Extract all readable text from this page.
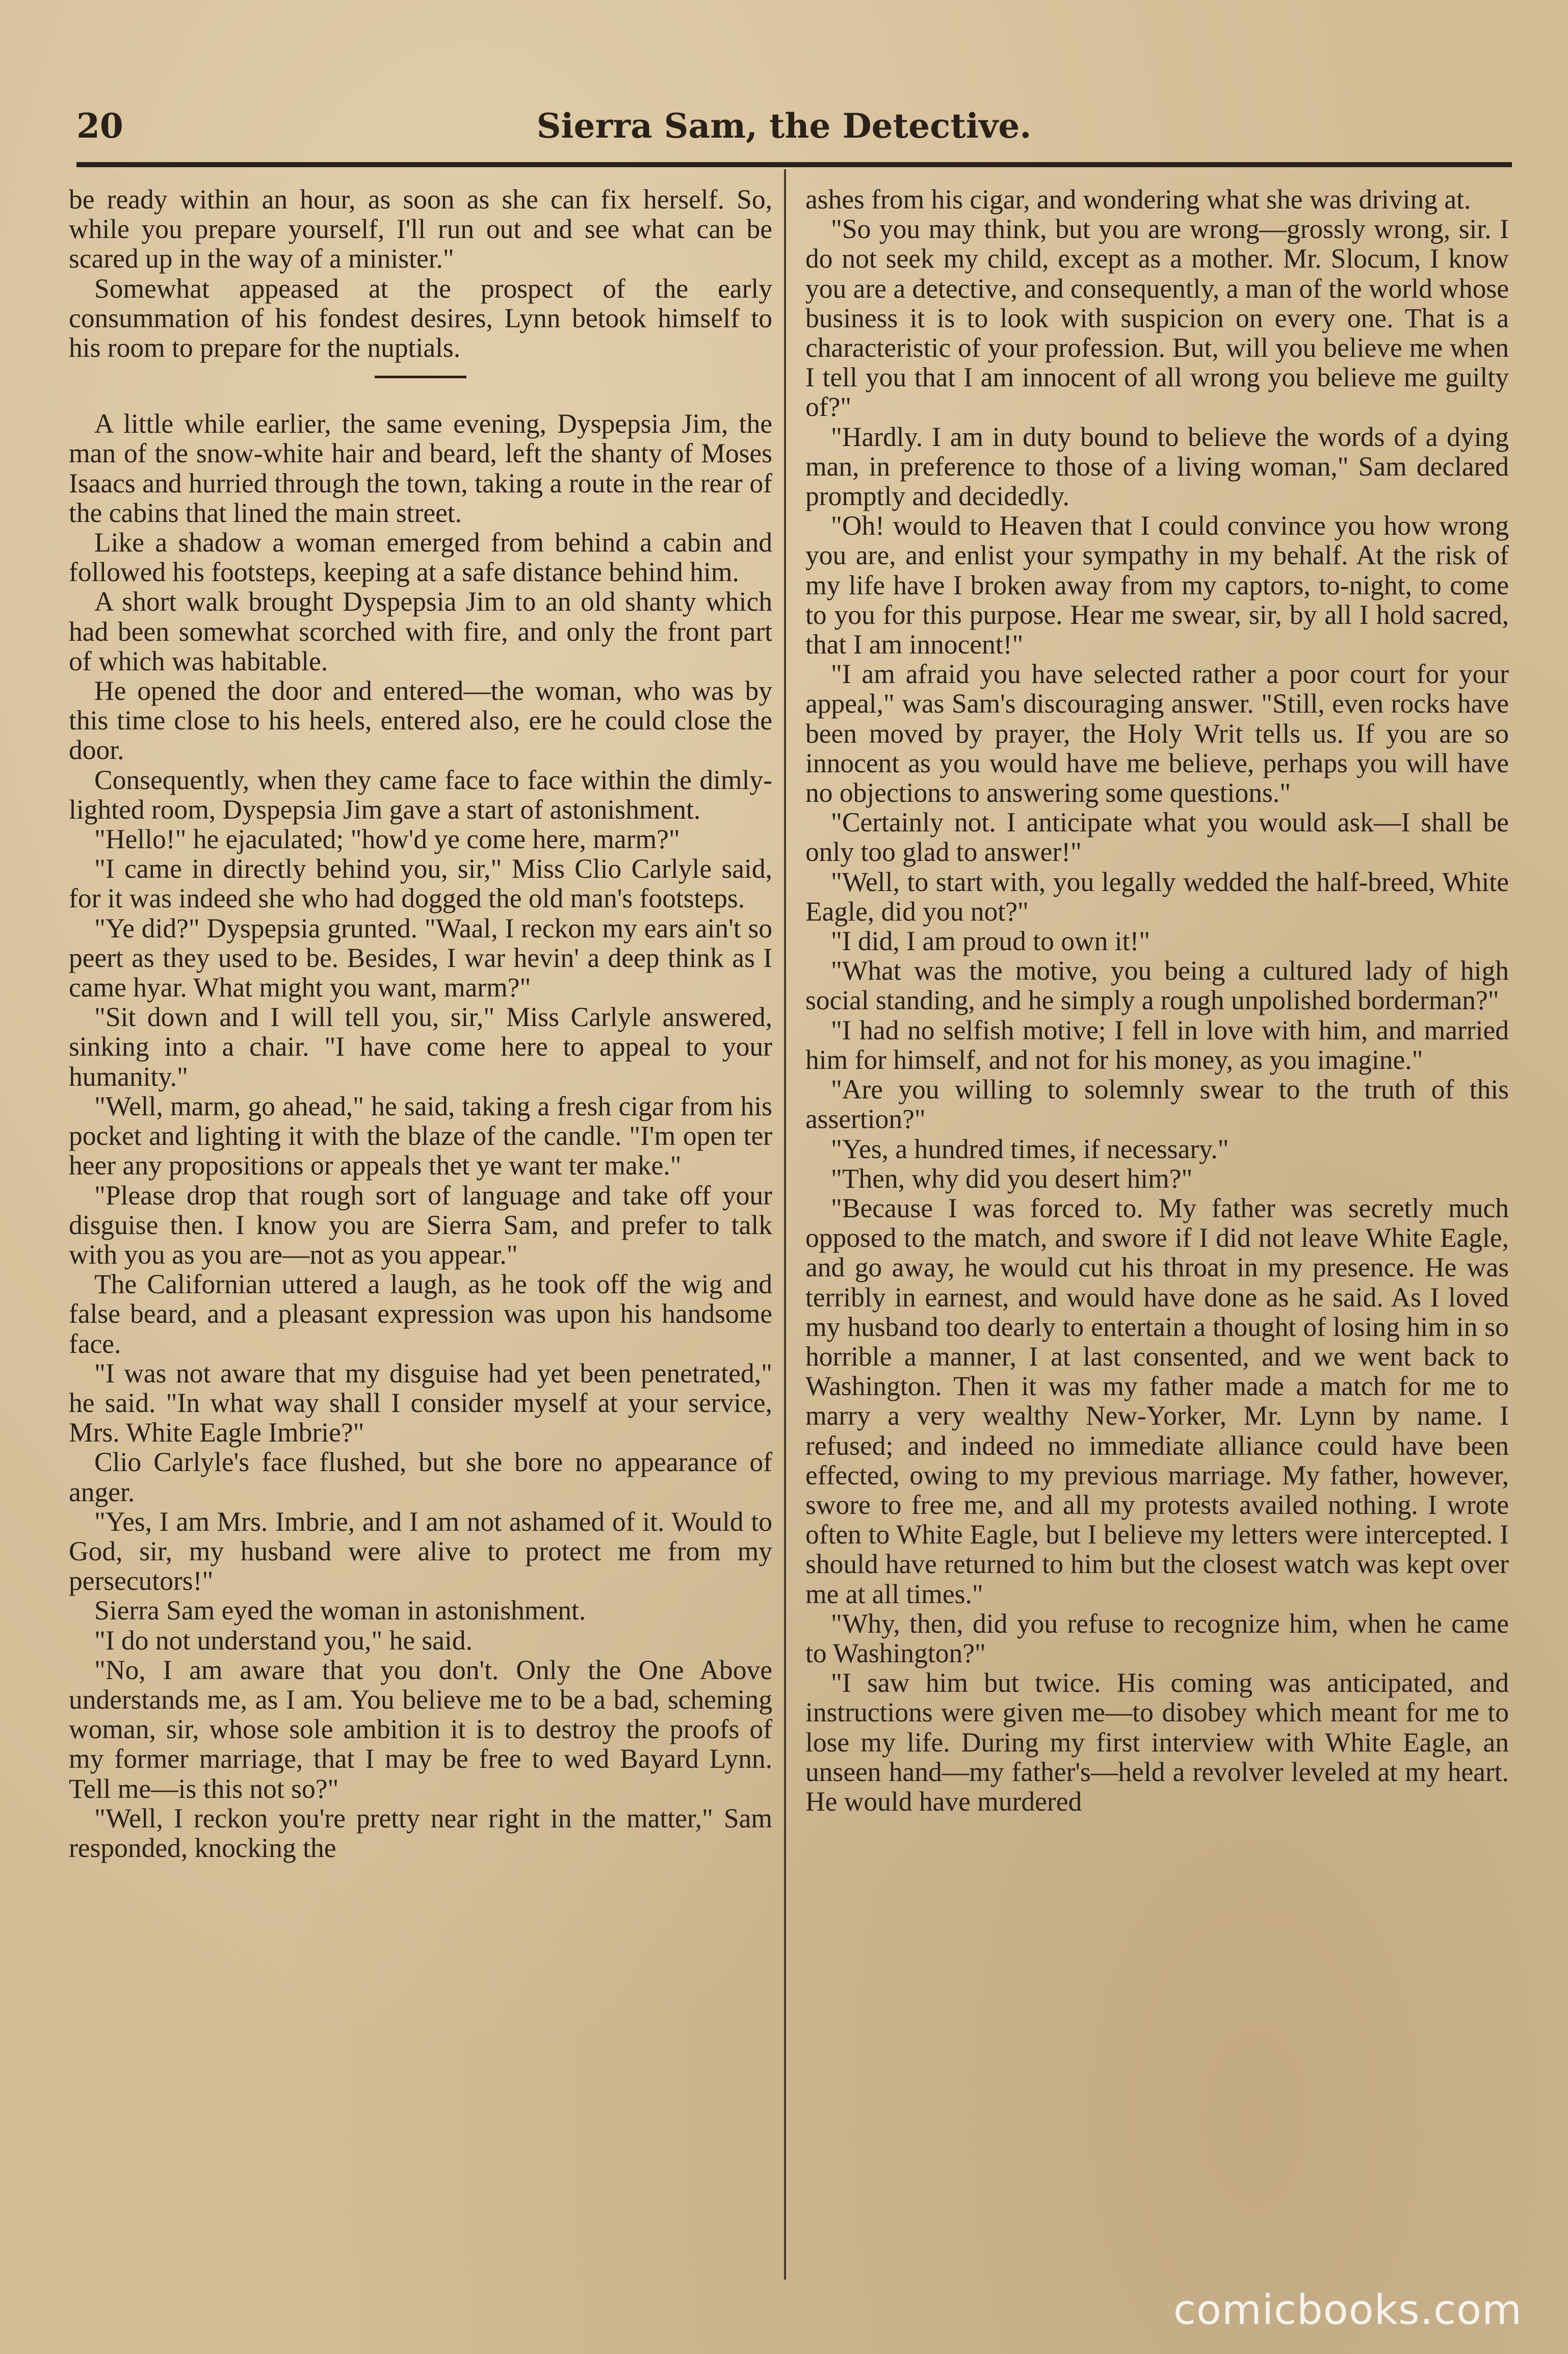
20	Sierra Sam, the Detective.

be ready within an hour, as soon as she can fix herself. So, while you prepare yourself, I'll run out and see what can be scared up in the way of a minister."

Somewhat appeased at the prospect of the early consummation of his fondest desires, Lynn betook himself to his room to prepare for the nuptials.

A little while earlier, the same evening, Dyspepsia Jim, the man of the snow-white hair and beard, left the shanty of Moses Isaacs and hurried through the town, taking a route in the rear of the cabins that lined the main street.

Like a shadow a woman emerged from behind a cabin and followed his footsteps, keeping at a safe distance behind him.

A short walk brought Dyspepsia Jim to an old shanty which had been somewhat scorched with fire, and only the front part of which was habitable.

He opened the door and entered—the woman, who was by this time close to his heels, entered also, ere he could close the door.

Consequently, when they came face to face within the dimly-lighted room, Dyspepsia Jim gave a start of astonishment.

"Hello!" he ejaculated; "how'd ye come here, marm?"

"I came in directly behind you, sir," Miss Clio Carlyle said, for it was indeed she who had dogged the old man's footsteps.

"Ye did?" Dyspepsia grunted. "Waal, I reckon my ears ain't so peert as they used to be. Besides, I war hevin' a deep think as I came hyar. What might you want, marm?"

"Sit down and I will tell you, sir," Miss Carlyle answered, sinking into a chair. "I have come here to appeal to your humanity."

"Well, marm, go ahead," he said, taking a fresh cigar from his pocket and lighting it with the blaze of the candle. "I'm open ter heer any propositions or appeals thet ye want ter make."

"Please drop that rough sort of language and take off your disguise then. I know you are Sierra Sam, and prefer to talk with you as you are—not as you appear."

The Californian uttered a laugh, as he took off the wig and false beard, and a pleasant expression was upon his handsome face.

"I was not aware that my disguise had yet been penetrated," he said. "In what way shall I consider myself at your service, Mrs. White Eagle Imbrie?"

Clio Carlyle's face flushed, but she bore no appearance of anger.

"Yes, I am Mrs. Imbrie, and I am not ashamed of it. Would to God, sir, my husband were alive to protect me from my persecutors!"

Sierra Sam eyed the woman in astonishment.

"I do not understand you," he said.

"No, I am aware that you don't. Only the One Above understands me, as I am. You believe me to be a bad, scheming woman, sir, whose sole ambition it is to destroy the proofs of my former marriage, that I may be free to wed Bayard Lynn. Tell me—is this not so?"

"Well, I reckon you're pretty near right in the matter," Sam responded, knocking the

ashes from his cigar, and wondering what she was driving at.

"So you may think, but you are wrong—grossly wrong, sir. I do not seek my child, except as a mother. Mr. Slocum, I know you are a detective, and consequently, a man of the world whose business it is to look with suspicion on every one. That is a characteristic of your profession. But, will you believe me when I tell you that I am innocent of all wrong you believe me guilty of?"

"Hardly. I am in duty bound to believe the words of a dying man, in preference to those of a living woman," Sam declared promptly and decidedly.

"Oh! would to Heaven that I could convince you how wrong you are, and enlist your sympathy in my behalf. At the risk of my life have I broken away from my captors, to-night, to come to you for this purpose. Hear me swear, sir, by all I hold sacred, that I am innocent!"

"I am afraid you have selected rather a poor court for your appeal," was Sam's discouraging answer. "Still, even rocks have been moved by prayer, the Holy Writ tells us. If you are so innocent as you would have me believe, perhaps you will have no objections to answering some questions."

"Certainly not. I anticipate what you would ask—I shall be only too glad to answer!"

"Well, to start with, you legally wedded the half-breed, White Eagle, did you not?"

"I did, I am proud to own it!"

"What was the motive, you being a cultured lady of high social standing, and he simply a rough unpolished borderman?"

"I had no selfish motive; I fell in love with him, and married him for himself, and not for his money, as you imagine."

"Are you willing to solemnly swear to the truth of this assertion?"

"Yes, a hundred times, if necessary."

"Then, why did you desert him?"

"Because I was forced to. My father was secretly much opposed to the match, and swore if I did not leave White Eagle, and go away, he would cut his throat in my presence. He was terribly in earnest, and would have done as he said. As I loved my husband too dearly to entertain a thought of losing him in so horrible a manner, I at last consented, and we went back to Washington. Then it was my father made a match for me to marry a very wealthy New-Yorker, Mr. Lynn by name. I refused; and indeed no immediate alliance could have been effected, owing to my previous marriage. My father, however, swore to free me, and all my protests availed nothing. I wrote often to White Eagle, but I believe my letters were intercepted. I should have returned to him but the closest watch was kept over me at all times."

"Why, then, did you refuse to recognize him, when he came to Washington?"

"I saw him but twice. His coming was anticipated, and instructions were given me—to disobey which meant for me to lose my life. During my first interview with White Eagle, an unseen hand—my father's—held a revolver leveled at my heart. He would have murdered

comicbooks.com
